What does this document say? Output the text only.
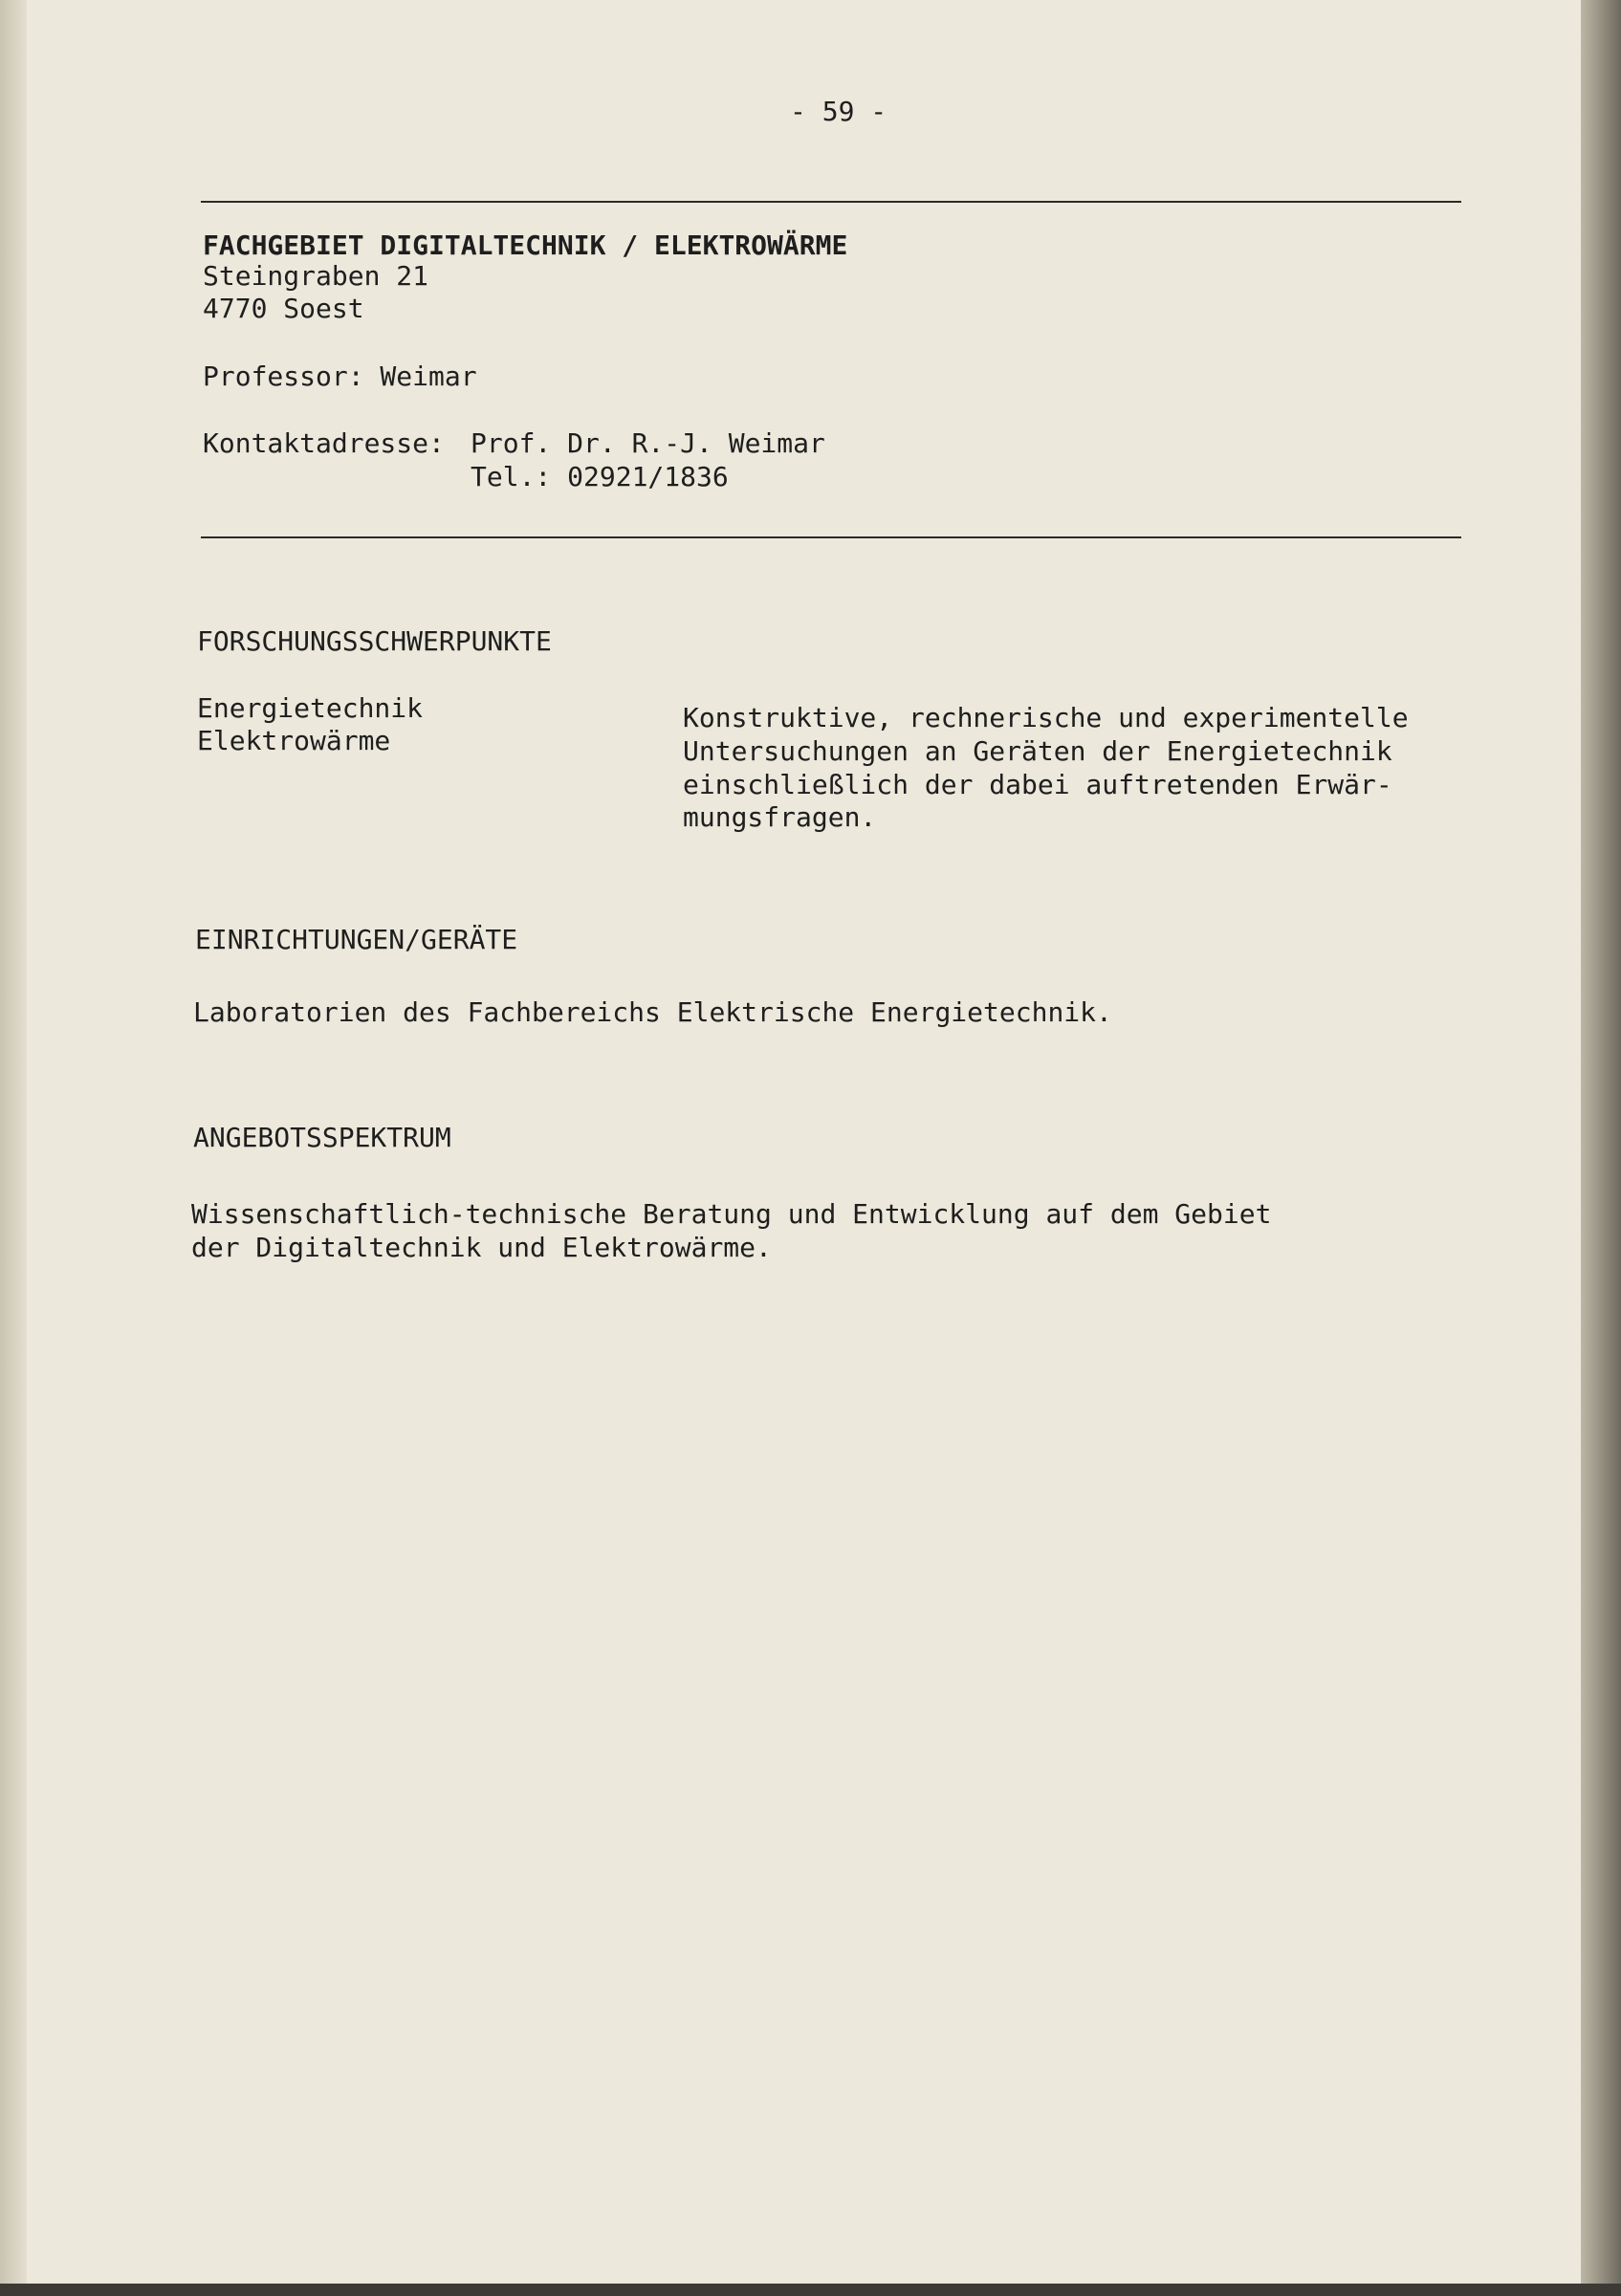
- 59 -
FACHGEBIET DIGITALTECHNIK / ELEKTROWÄRME
Steingraben 21
4770 Soest
Professor: Weimar
Kontaktadresse: Prof. Dr. R.-J. Weimar
Tel.: 02921/1836
FORSCHUNGSSCHWERPUNKTE
Energietechnik
Elektrowärme
Konstruktive, rechnerische und experimentelle
Untersuchungen an Geräten der Energietechnik
einschließlich der dabei auftretenden Erwär-
mungsfragen.
EINRICHTUNGEN/GERÄTE
Laboratorien des Fachbereichs Elektrische Energietechnik.
ANGEBOTSSPEKTRUM
Wissenschaftlich-technische Beratung und Entwicklung auf dem Gebiet
der Digitaltechnik und Elektrowärme.
